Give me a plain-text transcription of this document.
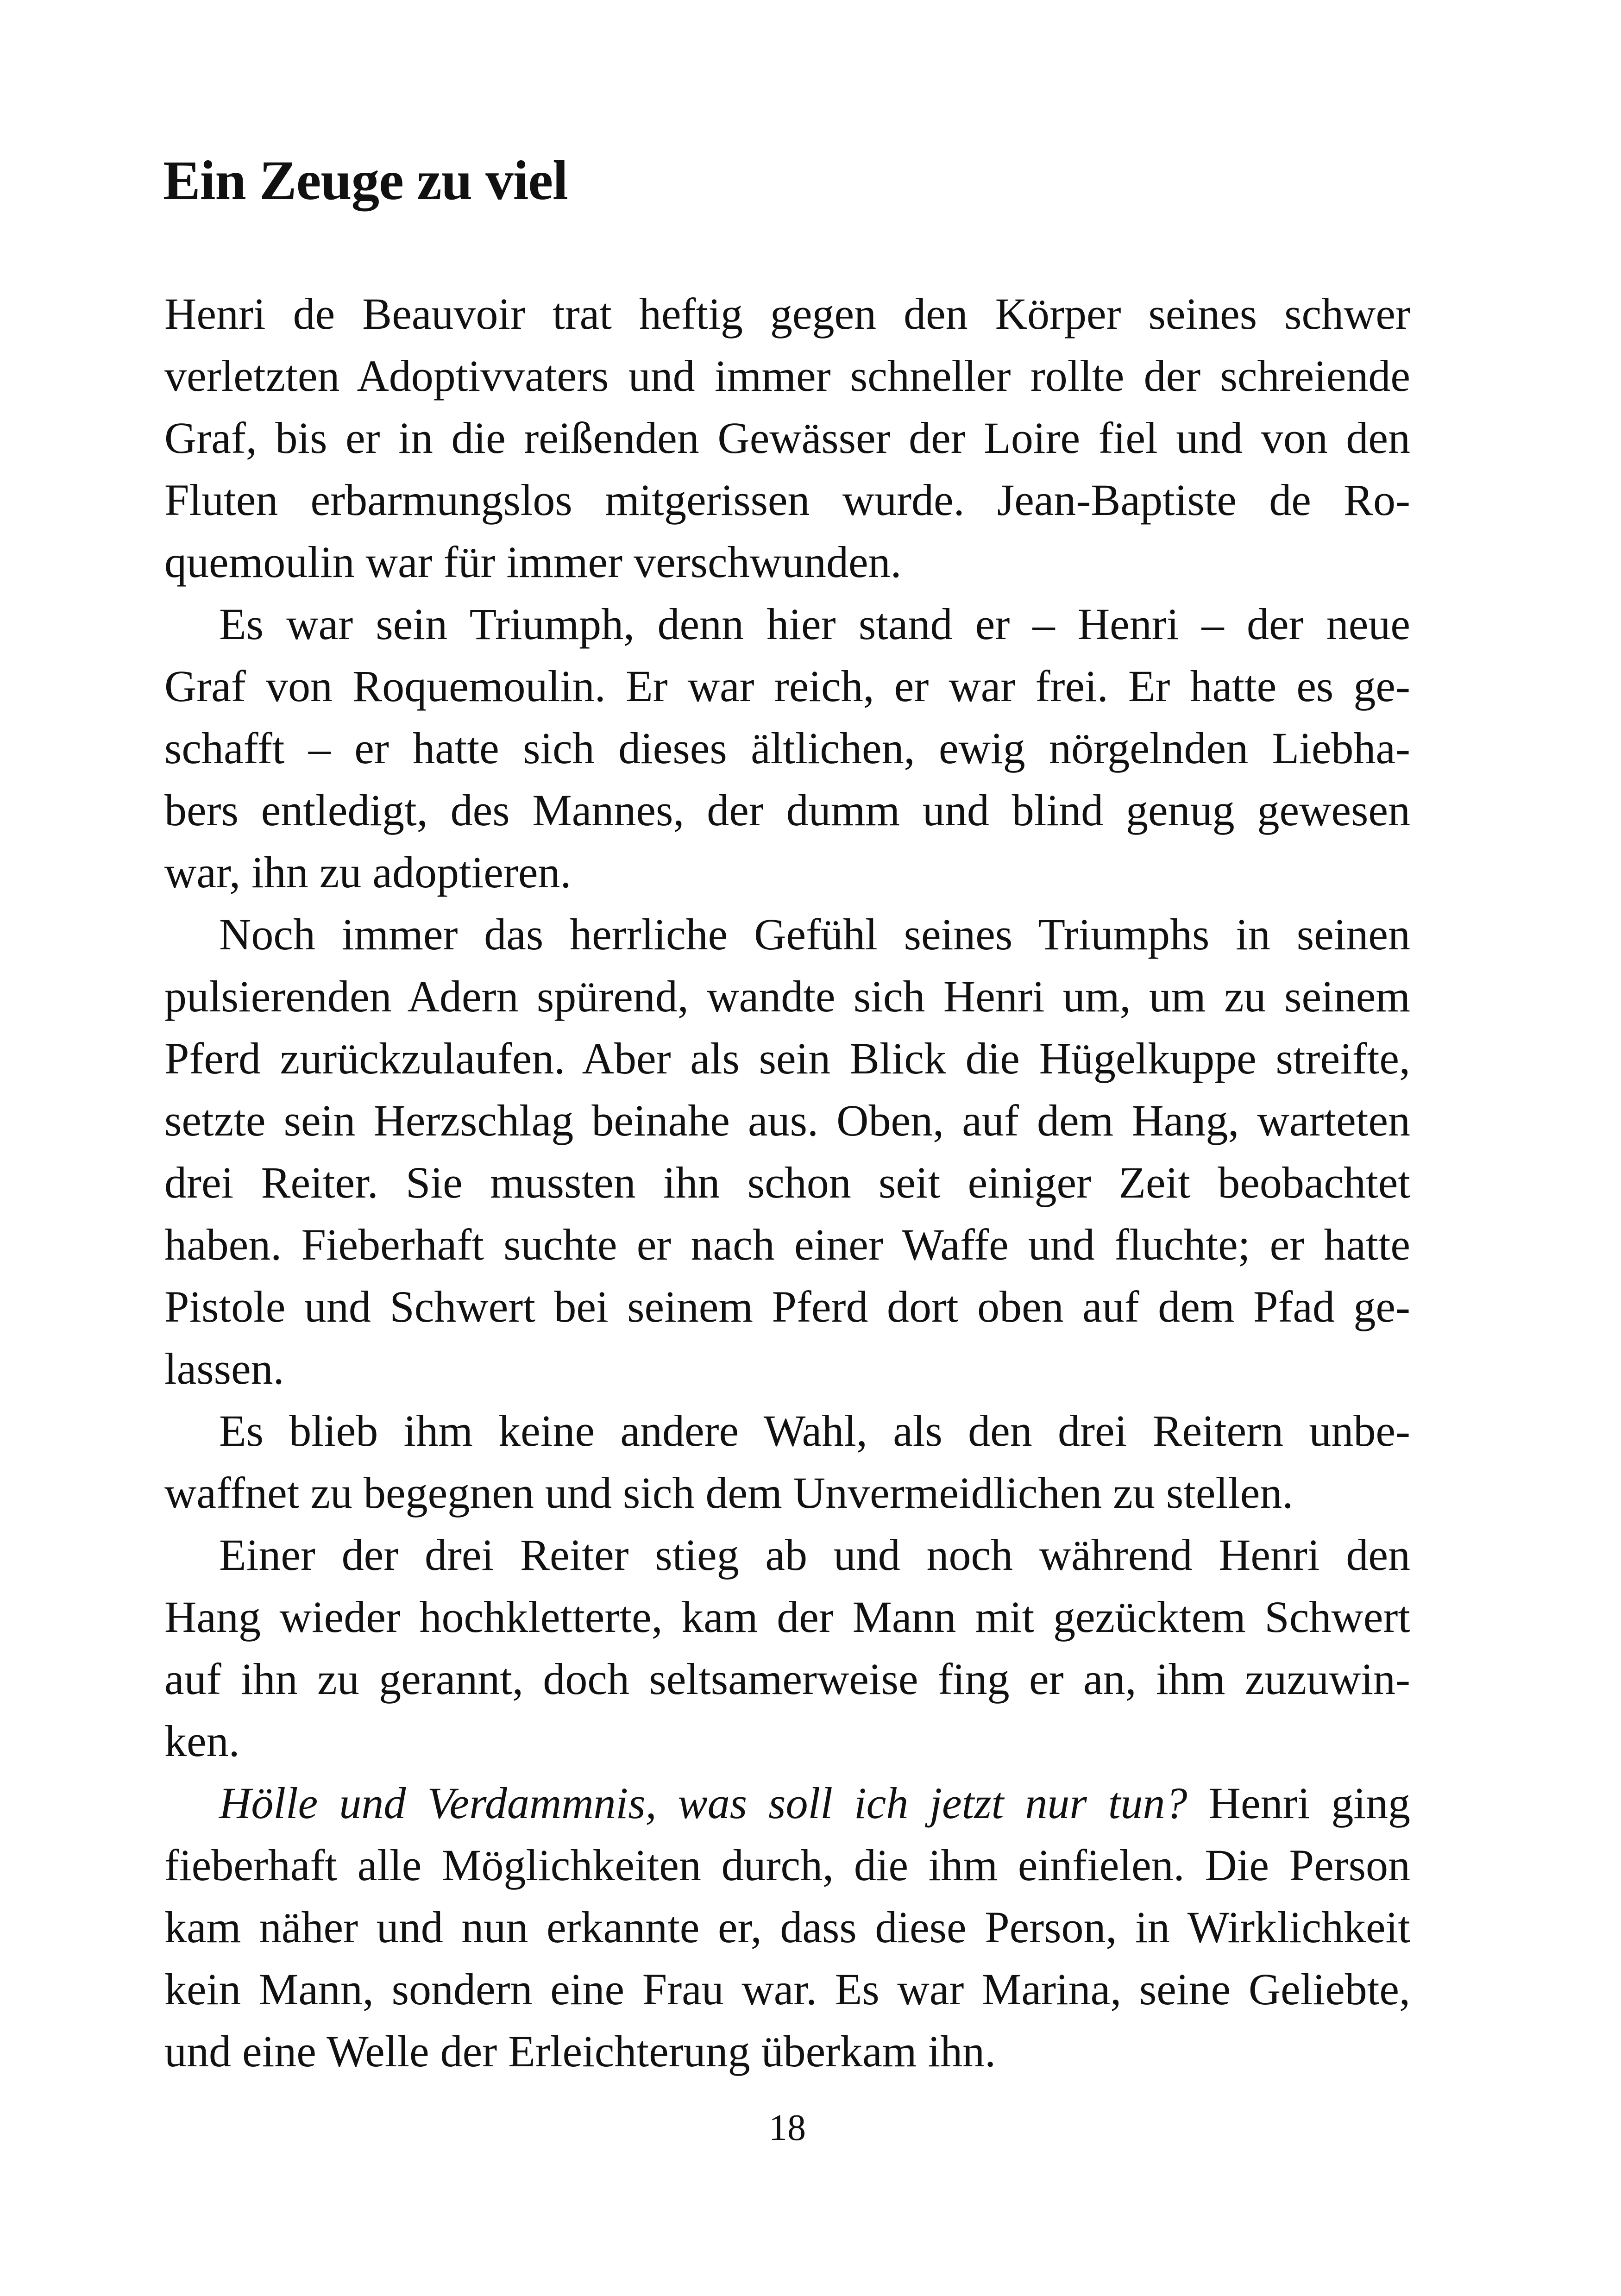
Ein Zeuge zu viel
Henri de Beauvoir trat heftig gegen den Körper seines schwer
verletzten Adoptivvaters und immer schneller rollte der schreiende
Graf, bis er in die reißenden Gewässer der Loire fiel und von den
Fluten erbarmungslos mitgerissen wurde. Jean-Baptiste de Ro-
quemoulin war für immer verschwunden.
Es war sein Triumph, denn hier stand er – Henri – der neue
Graf von Roquemoulin. Er war reich, er war frei. Er hatte es ge-
schafft – er hatte sich dieses ältlichen, ewig nörgelnden Liebha-
bers entledigt, des Mannes, der dumm und blind genug gewesen
war, ihn zu adoptieren.
Noch immer das herrliche Gefühl seines Triumphs in seinen
pulsierenden Adern spürend, wandte sich Henri um, um zu seinem
Pferd zurückzulaufen. Aber als sein Blick die Hügelkuppe streifte,
setzte sein Herzschlag beinahe aus. Oben, auf dem Hang, warteten
drei Reiter. Sie mussten ihn schon seit einiger Zeit beobachtet
haben. Fieberhaft suchte er nach einer Waffe und fluchte; er hatte
Pistole und Schwert bei seinem Pferd dort oben auf dem Pfad ge-
lassen.
Es blieb ihm keine andere Wahl, als den drei Reitern unbe-
waffnet zu begegnen und sich dem Unvermeidlichen zu stellen.
Einer der drei Reiter stieg ab und noch während Henri den
Hang wieder hochkletterte, kam der Mann mit gezücktem Schwert
auf ihn zu gerannt, doch seltsamerweise fing er an, ihm zuzuwin-
ken.
Hölle und Verdammnis, was soll ich jetzt nur tun? Henri ging
fieberhaft alle Möglichkeiten durch, die ihm einfielen. Die Person
kam näher und nun erkannte er, dass diese Person, in Wirklichkeit
kein Mann, sondern eine Frau war. Es war Marina, seine Geliebte,
und eine Welle der Erleichterung überkam ihn.
18
